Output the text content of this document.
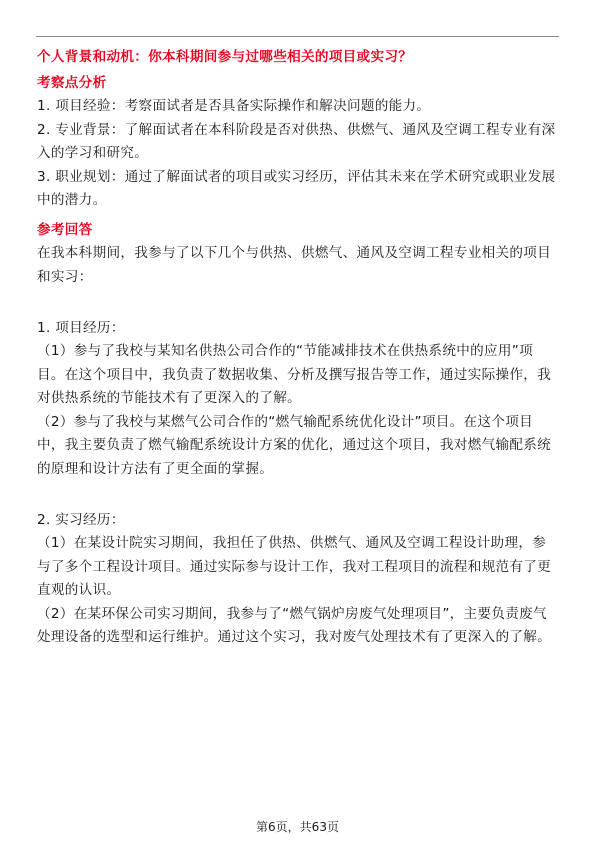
个人背景和动机：你本科期间参与过哪些相关的项目或实习？

考察点分析

1. 项目经验：考察面试者是否具备实际操作和解决问题的能力。

2. 专业背景：了解面试者在本科阶段是否对供热、供燃气、通风及空调工程专业有深入的学习和研究。

3. 职业规划：通过了解面试者的项目或实习经历，评估其未来在学术研究或职业发展中的潜力。

参考回答

在我本科期间，我参与了以下几个与供热、供燃气、通风及空调工程专业相关的项目和实习：

1. 项目经历：

（1）参与了我校与某知名供热公司合作的“节能减排技术在供热系统中的应用”项目。在这个项目中，我负责了数据收集、分析及撰写报告等工作，通过实际操作，我对供热系统的节能技术有了更深入的了解。

（2）参与了我校与某燃气公司合作的“燃气输配系统优化设计”项目。在这个项目中，我主要负责了燃气输配系统设计方案的优化，通过这个项目，我对燃气输配系统的原理和设计方法有了更全面的掌握。

2. 实习经历：

（1）在某设计院实习期间，我担任了供热、供燃气、通风及空调工程设计助理，参与了多个工程设计项目。通过实际参与设计工作，我对工程项目的流程和规范有了更直观的认识。

（2）在某环保公司实习期间，我参与了“燃气锅炉房废气处理项目”，主要负责废气处理设备的选型和运行维护。通过这个实习，我对废气处理技术有了更深入的了解。

第6页，共63页
